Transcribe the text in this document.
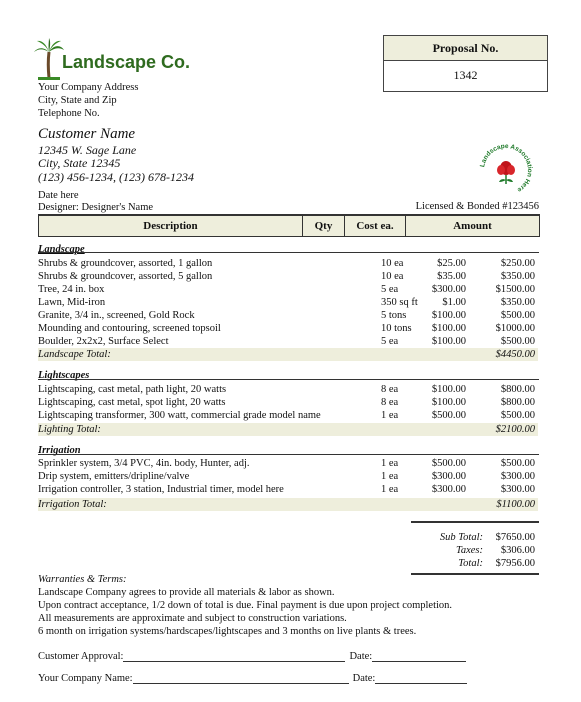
Landscape Co.
Your Company Address
City, State and Zip
Telephone No.
Proposal No.
1342
Customer Name
12345 W. Sage Lane
City, State 12345
(123) 456-1234, (123) 678-1234
Landscape Association Here
Date here
Designer: Designer's Name	Licensed & Bonded #123456
Description	Qty	Cost ea.	Amount
Landscape
Shrubs & groundcover, assorted, 1 gallon	10 ea	$25.00	$250.00
Shrubs & groundcover, assorted, 5 gallon	10 ea	$35.00	$350.00
Tree, 24 in. box	5 ea	$300.00	$1500.00
Lawn, Mid-iron	350 sq ft	$1.00	$350.00
Granite, 3/4 in., screened, Gold Rock	5 tons	$100.00	$500.00
Mounding and contouring, screened topsoil	10 tons	$100.00	$1000.00
Boulder, 2x2x2, Surface Select	5 ea	$100.00	$500.00
Landscape Total:	$4450.00
Lightscapes
Lightscaping, cast metal, path light, 20 watts	8 ea	$100.00	$800.00
Lightscaping, cast metal, spot light, 20 watts	8 ea	$100.00	$800.00
Lightscaping transformer, 300 watt, commercial grade model name	1 ea	$500.00	$500.00
Lighting Total:	$2100.00
Irrigation
Sprinkler system, 3/4 PVC, 4in. body, Hunter, adj.	1 ea	$500.00	$500.00
Drip system, emitters/dripline/valve	1 ea	$300.00	$300.00
Irrigation controller, 3 station, Industrial timer, model here	1 ea	$300.00	$300.00
Irrigation Total:	$1100.00
Sub Total: $7650.00
Taxes: $306.00
Total: $7956.00
Warranties & Terms:
Landscape Company agrees to provide all materials & labor as shown.
Upon contract acceptance, 1/2 down of total is due. Final payment is due upon project completion.
All measurements are approximate and subject to construction variations.
6 month on irrigation systems/hardscapes/lightscapes and 3 months on live plants & trees.
Customer Approval:	Date:
Your Company Name:	Date:
